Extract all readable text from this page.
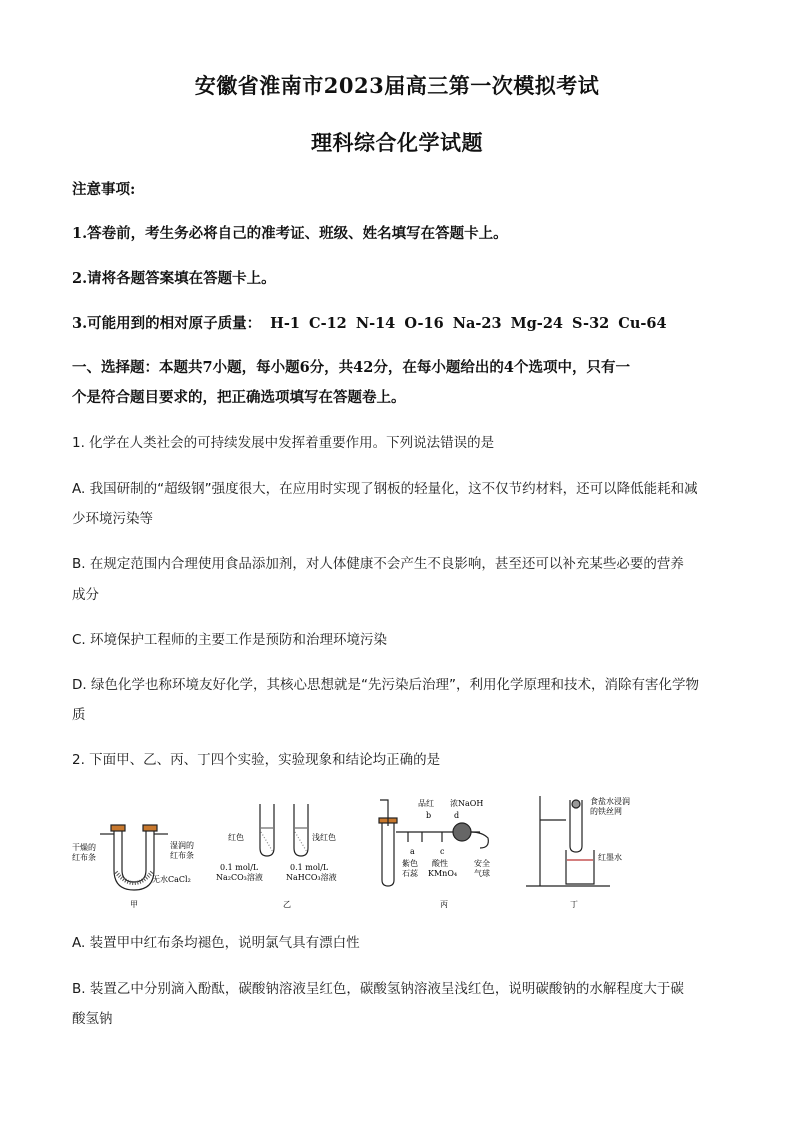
安徽省淮南市2023届高三第一次模拟考试
理科综合化学试题
注意事项:
1.答卷前，考生务必将自己的准考证、班级、姓名填写在答题卡上。
2.请将各题答案填在答题卡上。
3.可能用到的相对原子质量： H-1 C-12 N-14 O-16 Na-23 Mg-24 S-32 Cu-64
一、选择题：本题共7小题，每小题6分，共42分，在每小题给出的4个选项中，只有一
个是符合题目要求的，把正确选项填写在答题卷上。
1. 化学在人类社会的可持续发展中发挥着重要作用。下列说法错误的是
A. 我国研制的“超级钢”强度很大，在应用时实现了钢板的轻量化，这不仅节约材料，还可以降低能耗和减
少环境污染等
B. 在规定范围内合理使用食品添加剂，对人体健康不会产生不良影响，甚至还可以补充某些必要的营养
成分
C. 环境保护工程师的主要工作是预防和治理环境污染
D. 绿色化学也称环境友好化学，其核心思想就是“先污染后治理”，利用化学原理和技术，消除有害化学物
质
2. 下面甲、乙、丙、丁四个实验，实验现象和结论均正确的是
干燥的
红布条
湿润的
红布条
无水CaCl₂
甲
红色	浅红色
0.1 mol/L
Na₂CO₃溶液
0.1 mol/L
NaHCO₃溶液
乙
品红 浓NaOH
b	d
a	c
紫色
石蕊
酸性
KMnO₄
安全
气球
丙
食盐水浸润
的铁丝网
红墨水
丁
A. 装置甲中红布条均褪色，说明氯气具有漂白性
B. 装置乙中分别滴入酚酞，碳酸钠溶液呈红色，碳酸氢钠溶液呈浅红色，说明碳酸钠的水解程度大于碳
酸氢钠
